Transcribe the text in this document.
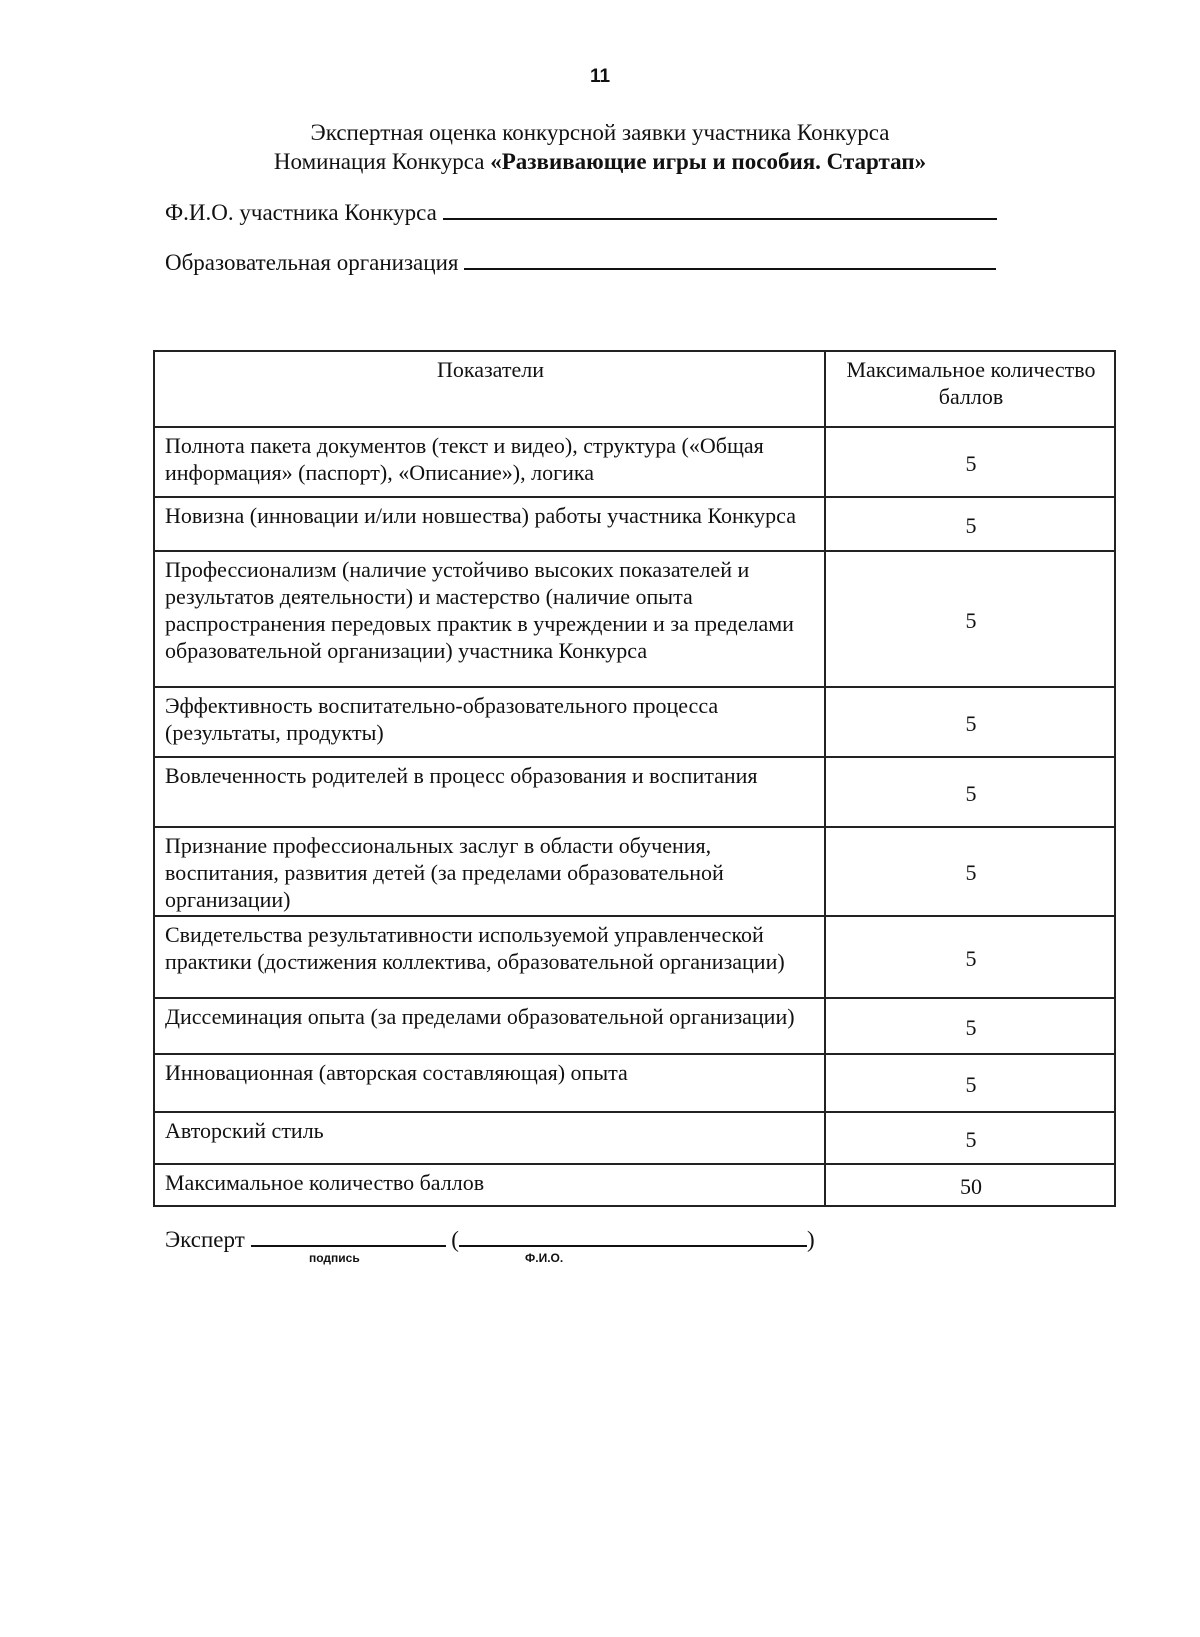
11
Экспертная оценка конкурсной заявки участника Конкурса
Номинация Конкурса «Развивающие игры и пособия. Стартап»
Ф.И.О. участника Конкурса
Образовательная организация
Показатели	Максимальное количество баллов
Полнота пакета документов (текст и видео), структура («Общая информация» (паспорт), «Описание»), логика	5
Новизна (инновации и/или новшества) работы участника Конкурса	5
Профессионализм (наличие устойчиво высоких показателей и результатов деятельности) и мастерство (наличие опыта распространения передовых практик в учреждении и за пределами образовательной организации) участника Конкурса	5
Эффективность воспитательно-образовательного процесса (результаты, продукты)	5
Вовлеченность родителей в процесс образования и воспитания	5
Признание профессиональных заслуг в области обучения, воспитания, развития детей (за пределами образовательной организации)	5
Свидетельства результативности используемой управленческой практики (достижения коллектива, образовательной организации)	5
Диссеминация опыта (за пределами образовательной организации)	5
Инновационная (авторская составляющая) опыта	5
Авторский стиль	5
Максимальное количество баллов	50
Эксперт	(	)
подпись	Ф.И.О.
